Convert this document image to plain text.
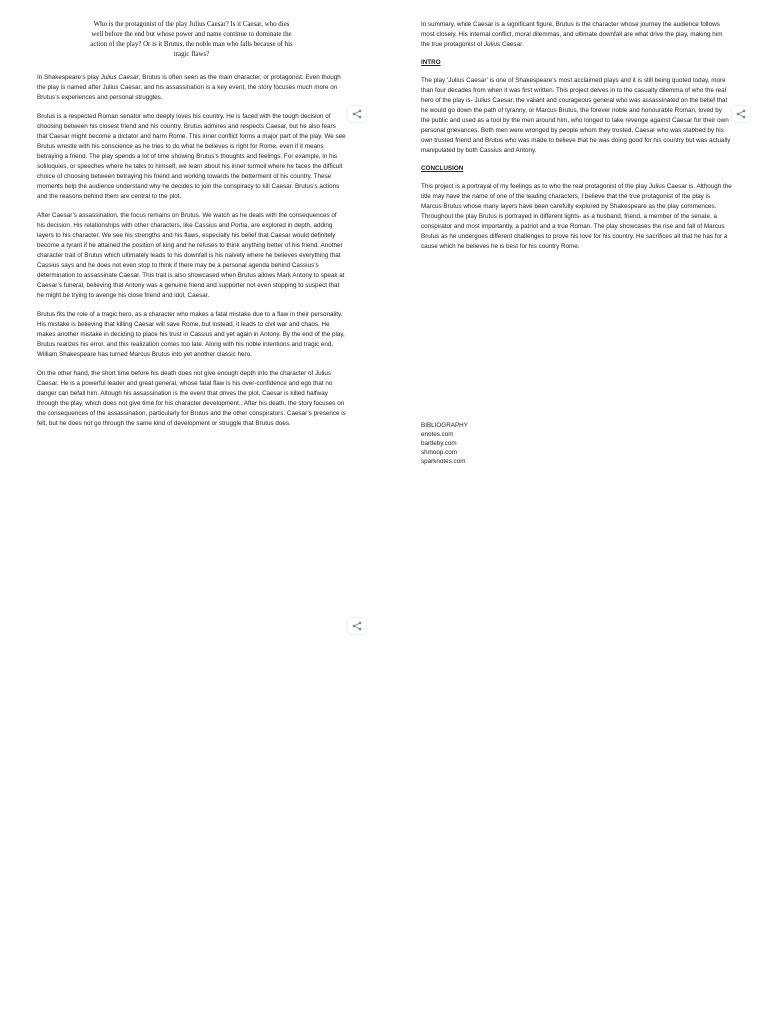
Who is the protagonist of the play Julius Caesar? Is it Caesar, who dies well before the end but whose power and name continue to dominate the action of the play? Or is it Brutus, the noble man who falls because of his tragic flaws?

In Shakespeare’s play Julius Caesar, Brutus is often seen as the main character, or protagonist. Even though the play is named after Julius Caesar, and his assassination is a key event, the story focuses much more on Brutus’s experiences and personal struggles.

Brutus is a respected Roman senator who deeply loves his country. He is faced with the tough decision of choosing between his closest friend and his country. Brutus admires and respects Caesar, but he also fears that Caesar might become a dictator and harm Rome. This inner conflict forms a major part of the play. We see Brutus wrestle with his conscience as he tries to do what he believes is right for Rome, even if it means betraying a friend. The play spends a lot of time showing Brutus’s thoughts and feelings. For example, in his soliloquies, or speeches where he talks to himself, we learn about his inner turmoil where he faces the difficult choice of choosing between betraying his friend and working towards the betterment of his country. These moments help the audience understand why he decides to join the conspiracy to kill Caesar. Brutus’s actions and the reasons behind them are central to the plot.

After Caesar’s assassination, the focus remains on Brutus. We watch as he deals with the consequences of his decision. His relationships with other characters, like Cassius and Portia, are explored in depth, adding layers to his character. We see his strengths and his flaws, especially his belief that Caesar would definitely become a tyrant if he attained the position of king and he refuses to think anything better of his friend. Another character trait of Brutus which ultimately leads to his downfall is his naivety where he believes everything that Cassius says and he does not even stop to think if there may be a personal agenda behind Cassius’s determination to assassinate Caesar. This trait is also showcased when Brutus allows Mark Antony to speak at Caesar’s funeral, believing that Antony was a genuine friend and supporter not even stopping to suspect that he might be trying to avenge his close friend and idol, Caesar.

Brutus fits the role of a tragic hero, as a character who makes a fatal mistake due to a flaw in their personality. His mistake is believing that killing Caesar will save Rome, but instead, it leads to civil war and chaos. He makes another mistake in deciding to place his trust in Cassius and yet again in Antony. By the end of the play, Brutus realizes his error, and this realization comes too late. Along with his noble intentions and tragic end, William Shakespeare has turned Marcus Brutus into yet another classic hero.

On the other hand, the short time before his death does not give enough depth into the character of Julius Caesar. He is a powerful leader and great general, whose fatal flaw is his over-confidence and ego that no danger can befall him. Altough his assassination is the event that drives the plot, Caesar is killed halfway through the play, which does not give time for his character development.. After his death, the story focuses on the consequences of the assassination, particularly for Brutus and the other conspirators. Caesar’s presence is felt, but he does not go through the same kind of development or struggle that Brutus does.

In summary, while Caesar is a significant figure, Brutus is the character whose journey the audience follows most closely. His internal conflict, moral dilemmas, and ultimate downfall are what drive the play, making him the true protagonist of Julius Caesar.

INTRO

The play ‘Julius Caesar’ is one of Shakespeare’s most acclaimed plays and it is still being quoted today, more than four decades from when it was first written. This project delves in to the casualty dilemma of who the real hero of the play is- Julius Caesar, the valiant and courageous general who was assassinated on the belief that he would go down the path of tyranny, or Marcus Brutus, the forever noble and honourable Roman, loved by the public and used as a tool by the men around him, who longed to take revenge against Caesar for their own personal grievances. Both men were wronged by people whom they trusted, Caesar who was stabbed by his own trusted friend and Brutus who was made to believe that he was doing good for his country but was actually manipulated by both Cassius and Antony.

CONCLUSION

This project is a portrayal of my feelings as to who the real protagonist of the play Julius Caesar is. Although the title may have the name of one of the leading characters, I believe that the true protagonist of the play is Marcus Brutus whose many layers have been carefully explored by Shakespeare as the play commences. Throughout the play Brutus is portrayed in different lights- as a husband, friend, a member of the senate, a conspirator and most importantly, a patriot and a true Roman. The play showcases the rise and fall of Marcus Brutus as he undergoes different challenges to prove his love for his country. He sacrifices all that he has for a cause which he believes he is best for his country Rome.

BIBLIOGRAPHY
enotes.com
bartleby.com
shmoop.com
sparknotes.com
